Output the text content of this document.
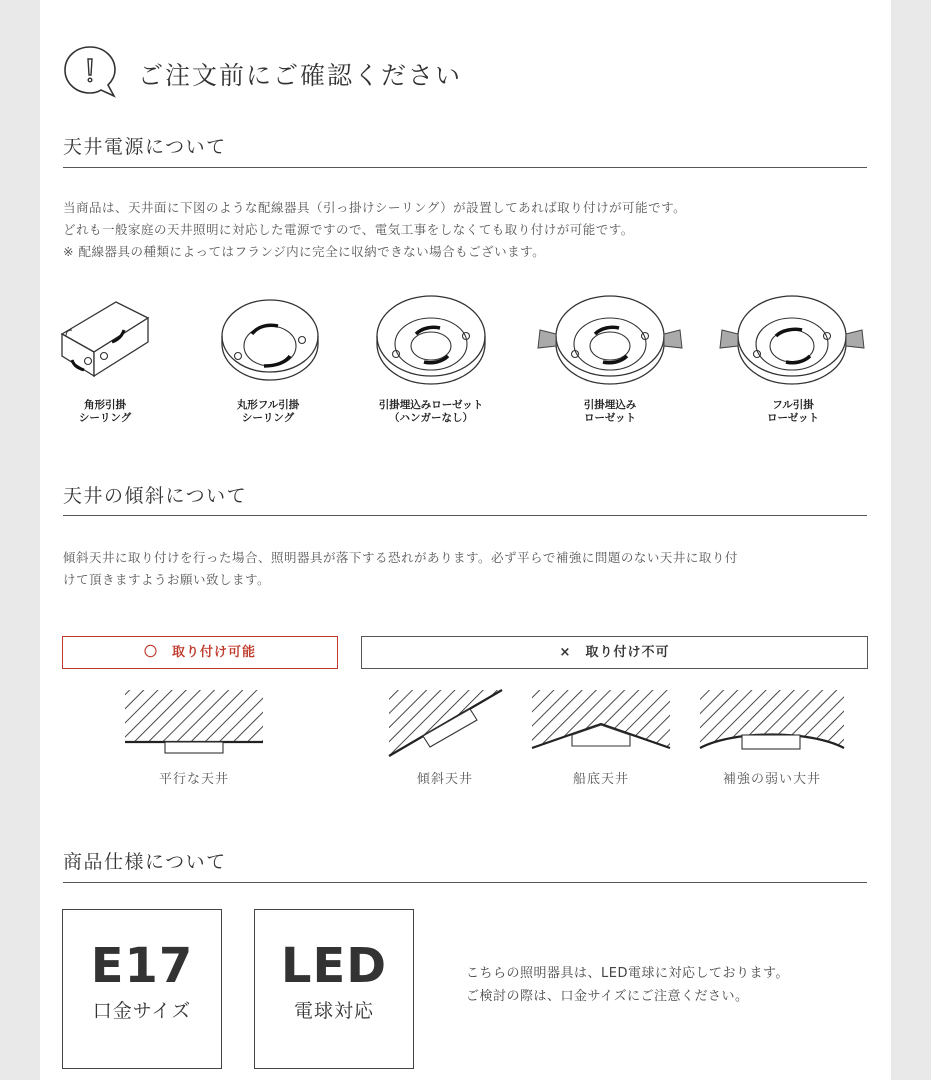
ご注文前にご確認ください
天井電源について

当商品は、天井面に下図のような配線器具（引っ掛けシーリング）が設置してあれば取り付けが可能です。

どれも一般家庭の天井照明に対応した電源ですので、電気工事をしなくても取り付けが可能です。

※ 配線器具の種類によってはフランジ内に完全に収納できない場合もございます。

角形引掛
シーリング
丸形フル引掛
シーリング
引掛埋込みローゼット
（ハンガーなし）
引掛埋込み
ローゼット
フル引掛
ローゼット
天井の傾斜について

傾斜天井に取り付けを行った場合、照明器具が落下する恐れがあります。必ず平らで補強に問題のない天井に取り付

けて頂きますようお願い致します。

〇　取り付け可能	×　取り付け不可
平行な天井	傾斜天井	船底天井	補強の弱い大井
商品仕様について
E17
口金サイズ
LED
電球対応

こちらの照明器具は、LED電球に対応しております。

ご検討の際は、口金サイズにご注意ください。
